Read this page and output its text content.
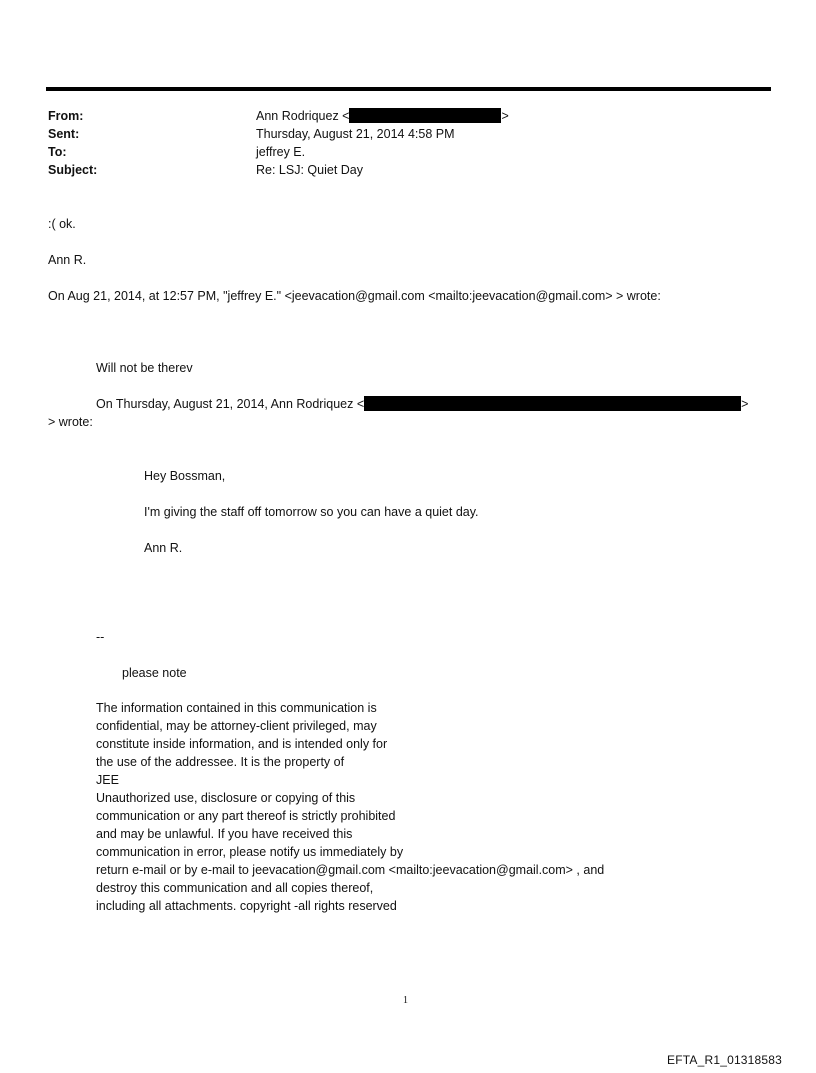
From:	Ann Rodriquez <	>
Sent:	Thursday, August 21, 2014 4:58 PM
To:	jeffrey E.
Subject:	Re: LSJ: Quiet Day
:( ok.
Ann R.
On Aug 21, 2014, at 12:57 PM, "jeffrey E." <jeevacation@gmail.com <mailto:jeevacation@gmail.com> > wrote:
Will not be therev
On Thursday, August 21, 2014, Ann Rodriquez <	>
> wrote:
Hey Bossman,
I'm giving the staff off tomorrow so you can have a quiet day.
Ann R.
--
please note
The information contained in this communication is
confidential, may be attorney-client privileged, may
constitute inside information, and is intended only for
the use of the addressee. It is the property of
JEE
Unauthorized use, disclosure or copying of this
communication or any part thereof is strictly prohibited
and may be unlawful. If you have received this
communication in error, please notify us immediately by
return e-mail or by e-mail to jeevacation@gmail.com <mailto:jeevacation@gmail.com> , and
destroy this communication and all copies thereof,
including all attachments. copyright -all rights reserved
1
EFTA_R1_01318583
